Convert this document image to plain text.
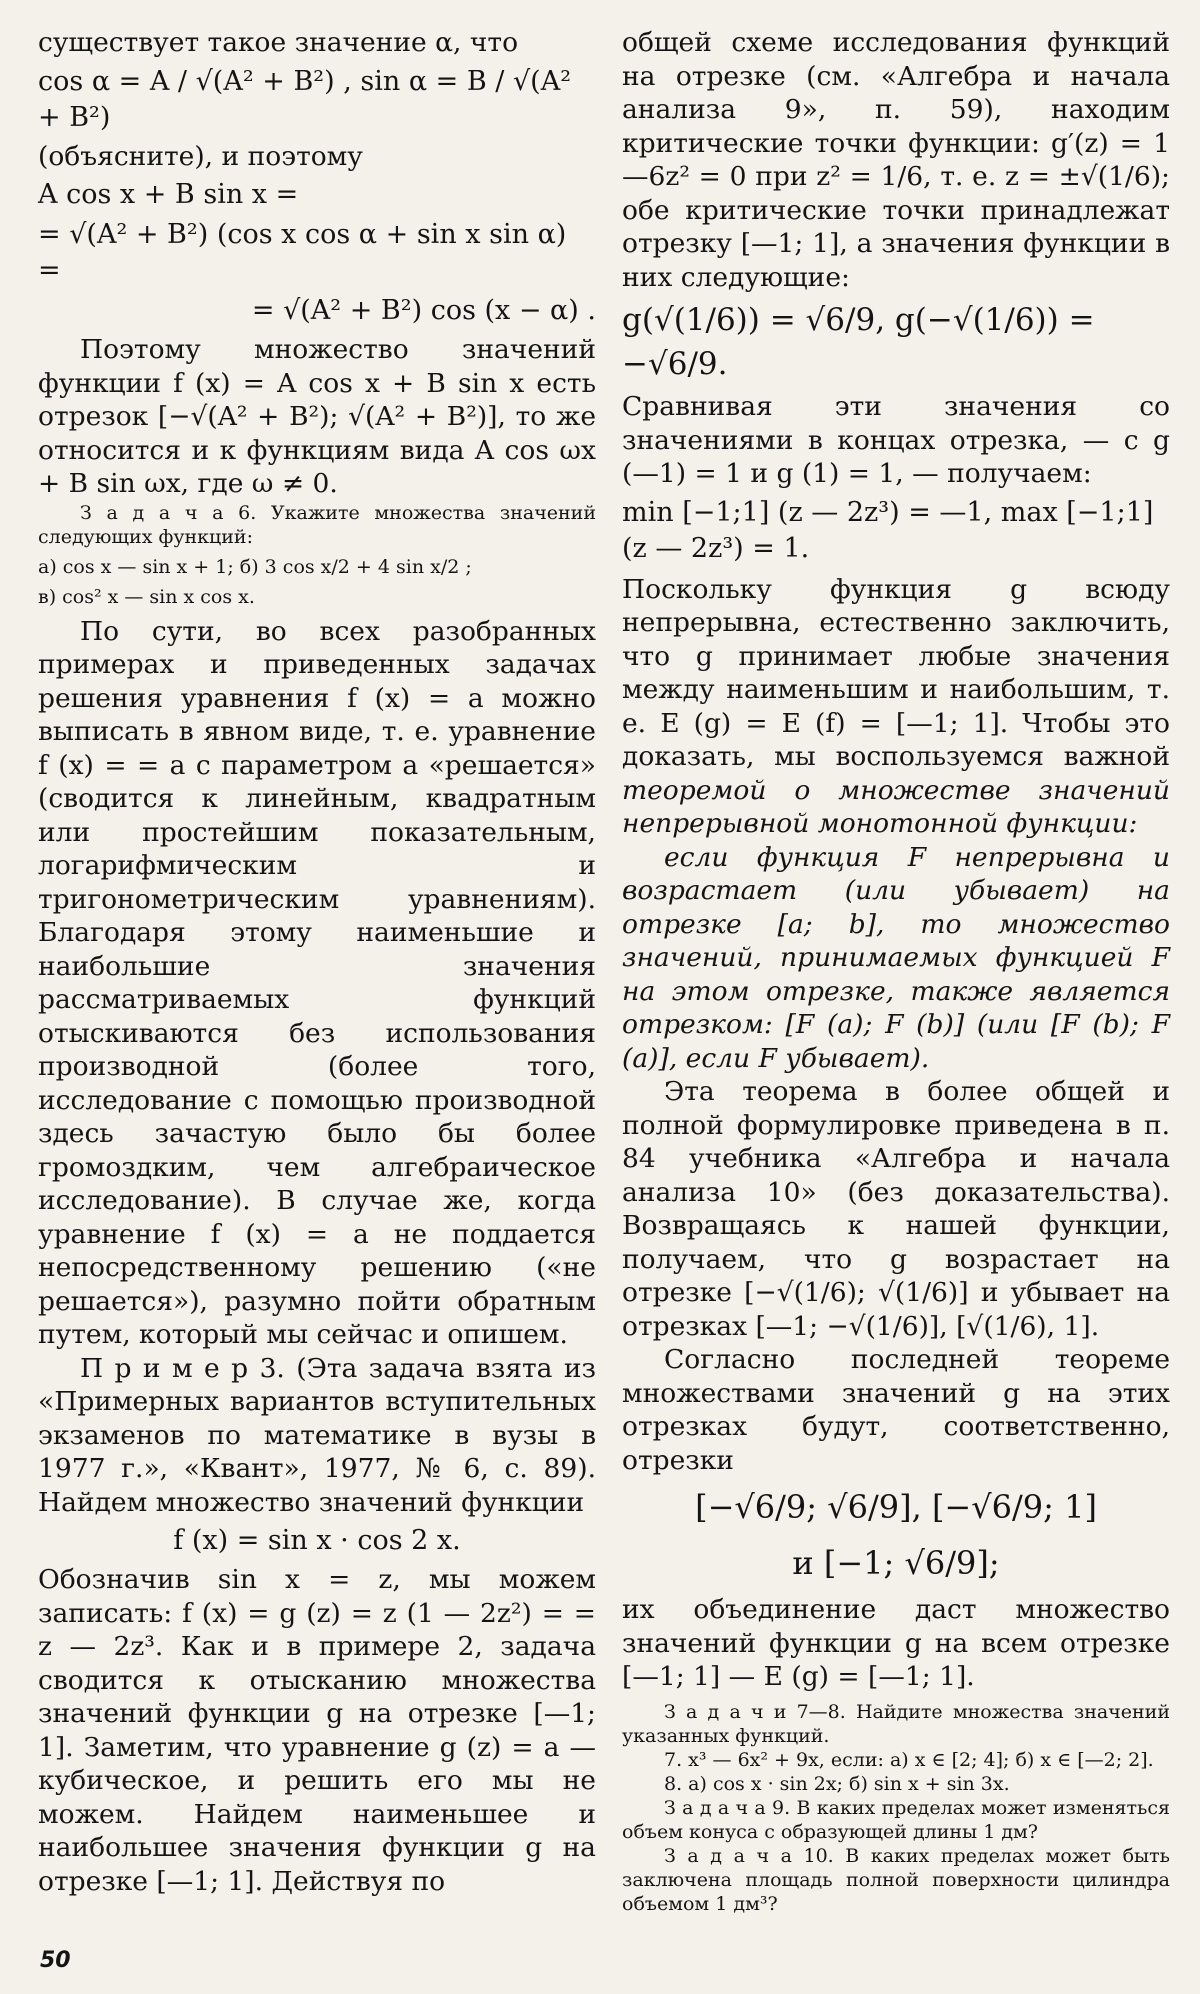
существует такое значение α, что

cos α = A / √(A² + B²) , sin α = B / √(A² + B²)

(объясните), и поэтому

A cos x + B sin x =
= √(A² + B²) (cos x cos α + sin x sin α) =
= √(A² + B²) cos (x − α) .

Поэтому множество значений функции f (x) = A cos x + B sin x есть отрезок [−√(A² + B²); √(A² + B²)], то же относится и к функциям вида A cos ωx + B sin ωx, где ω ≠ 0.

З а д а ч а 6. Укажите множества значений следующих функций:

а) cos x — sin x + 1; б) 3 cos x/2 + 4 sin x/2 ;

в) cos² x — sin x cos x.

По сути, во всех разобранных примерах и приведенных задачах решения уравнения f (x) = a можно выписать в явном виде, т. е. уравнение f (x) = = a с параметром a «решается» (сводится к линейным, квадратным или простейшим показательным, логарифмическим и тригонометрическим уравнениям). Благодаря этому наименьшие и наибольшие значения рассматриваемых функций отыскиваются без использования производной (более того, исследование с помощью производной здесь зачастую было бы более громоздким, чем алгебраическое исследование). В случае же, когда уравнение f (x) = a не поддается непосредственному решению («не решается»), разумно пойти обратным путем, который мы сейчас и опишем.

П р и м е р 3. (Эта задача взята из «Примерных вариантов вступительных экзаменов по математике в вузы в 1977 г.», «Квант», 1977, № 6, с. 89). Найдем множество значений функции

f (x) = sin x · cos 2 x.

Обозначив sin x = z, мы можем записать: f (x) = g (z) = z (1 — 2z²) = = z — 2z³. Как и в примере 2, задача сводится к отысканию множества значений функции g на отрезке [—1; 1]. Заметим, что уравнение g (z) = a — кубическое, и решить его мы не можем. Найдем наименьшее и наибольшее значения функции g на отрезке [—1; 1]. Действуя по

общей схеме исследования функций на отрезке (см. «Алгебра и начала анализа 9», п. 59), находим критические точки функции: g′(z) = 1—6z² = 0 при z² = 1/6, т. е. z = ±√(1/6); обе критические точки принадлежат отрезку [—1; 1], а значения функции в них следующие:

g(√(1/6)) = √6/9, g(−√(1/6)) = −√6/9.

Сравнивая эти значения со значениями в концах отрезка, — с g (—1) = 1 и g (1) = 1, — получаем:

min [−1;1] (z — 2z³) = —1, max [−1;1] (z — 2z³) = 1.

Поскольку функция g всюду непрерывна, естественно заключить, что g принимает любые значения между наименьшим и наибольшим, т. е. E (g) = E (f) = [—1; 1]. Чтобы это доказать, мы воспользуемся важной теоремой о множестве значений непрерывной монотонной функции:

если функция F непрерывна и возрастает (или убывает) на отрезке [a; b], то множество значений, принимаемых функцией F на этом отрезке, также является отрезком: [F (a); F (b)] (или [F (b); F (a)], если F убывает).

Эта теорема в более общей и полной формулировке приведена в п. 84 учебника «Алгебра и начала анализа 10» (без доказательства). Возвращаясь к нашей функции, получаем, что g возрастает на отрезке [−√(1/6); √(1/6)] и убывает на отрезках [—1; −√(1/6)], [√(1/6), 1].

Согласно последней теореме множествами значений g на этих отрезках будут, соответственно, отрезки

[−√6/9; √6/9], [−√6/9; 1]
и [−1; √6/9];

их объединение даст множество значений функции g на всем отрезке [—1; 1] — E (g) = [—1; 1].

З а д а ч и 7—8. Найдите множества значений указанных функций.

7. x³ — 6x² + 9x, если: а) x ∈ [2; 4]; б) x ∈ [—2; 2].

8. а) cos x · sin 2x; б) sin x + sin 3x.

З а д а ч а 9. В каких пределах может изменяться объем конуса с образующей длины 1 дм?

З а д а ч а 10. В каких пределах может быть заключена площадь полной поверхности цилиндра объемом 1 дм³?

50
